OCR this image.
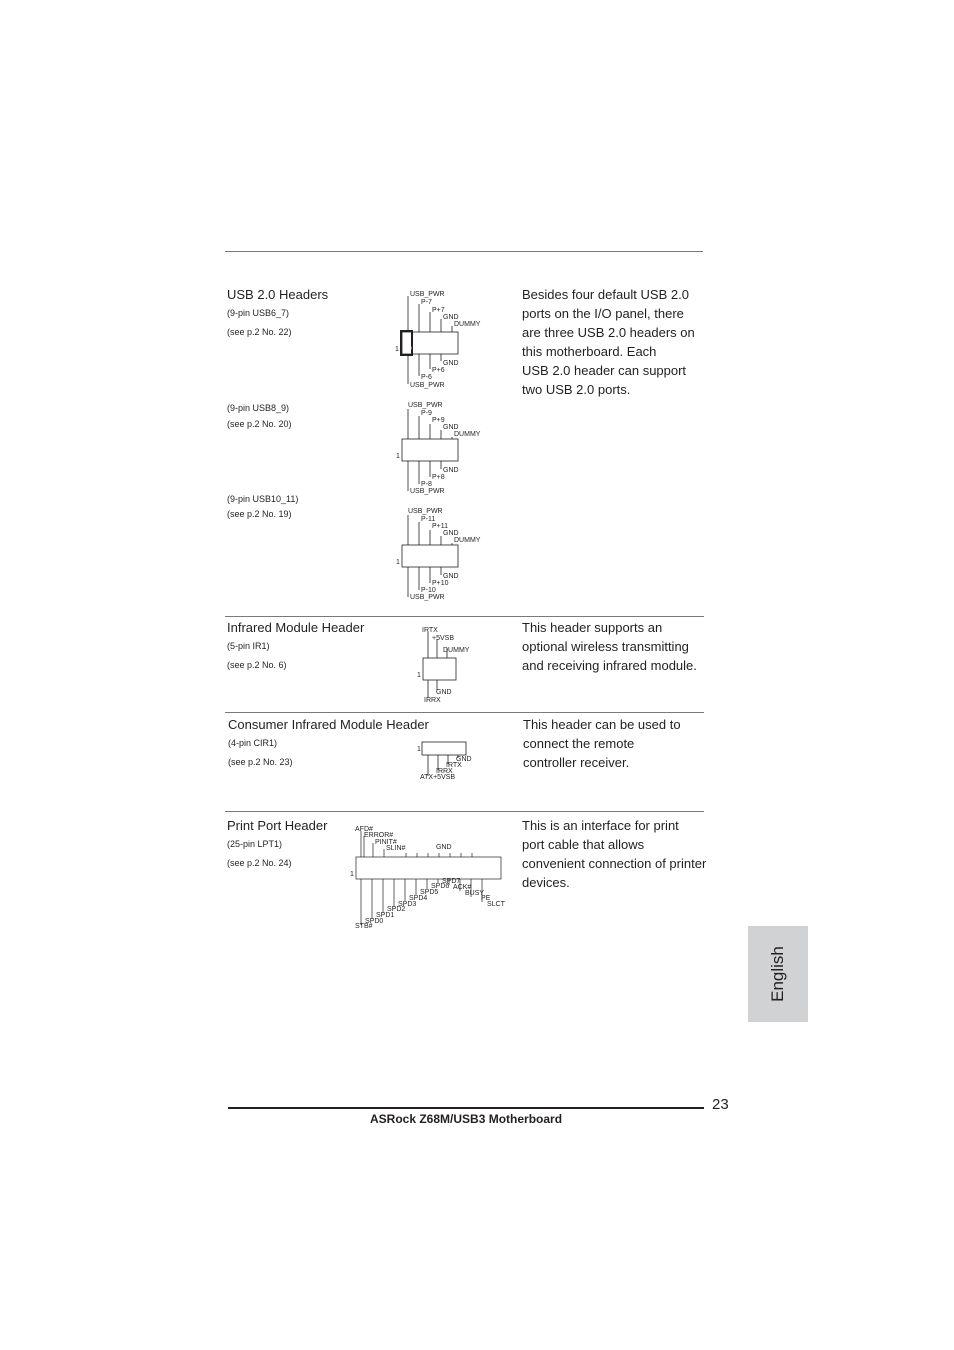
USB 2.0 Headers
(9-pin USB6_7)
(see p.2 No. 22)
(9-pin USB8_9)
(see p.2 No. 20)
(9-pin USB10_11)
(see p.2 No. 19)
Besides four default USB 2.0
ports on the I/O panel, there
are three USB 2.0 headers on
this motherboard. Each
USB 2.0 header can support
two USB 2.0 ports.
USB_PWR
P-7
P+7
GND
DUMMY
GND
P+6
P-6
USB_PWR
1
USB_PWR
P-9
P+9
GND
DUMMY
GND
P+8
P-8
USB_PWR
1
USB_PWR
P-11
P+11
GND
DUMMY
GND
P+10
P-10
USB_PWR
1
Infrared Module Header
(5-pin IR1)
(see p.2 No. 6)
This header supports an
optional wireless transmitting
and receiving infrared module.
IRTX
+5VSB
DUMMY
GND
IRRX
1
Consumer Infrared Module Header
(4-pin CIR1)
(see p.2 No. 23)
This header can be used to
connect the remote
controller receiver.
GND
IRTX
IRRX
ATX+5VSB
1
Print Port Header
(25-pin LPT1)
(see p.2 No. 24)
This is an interface for print
port cable that allows
convenient connection of printer
devices.
AFD#
ERROR#
PINIT#
SLIN#	GND
SPD7
SPD6 ACK#
SPD5	BUSY
SPD4	PE
SPD3	SLCT
SPD2
SPD1
SPD0
STB#
1
English
23
ASRock Z68M/USB3 Motherboard
